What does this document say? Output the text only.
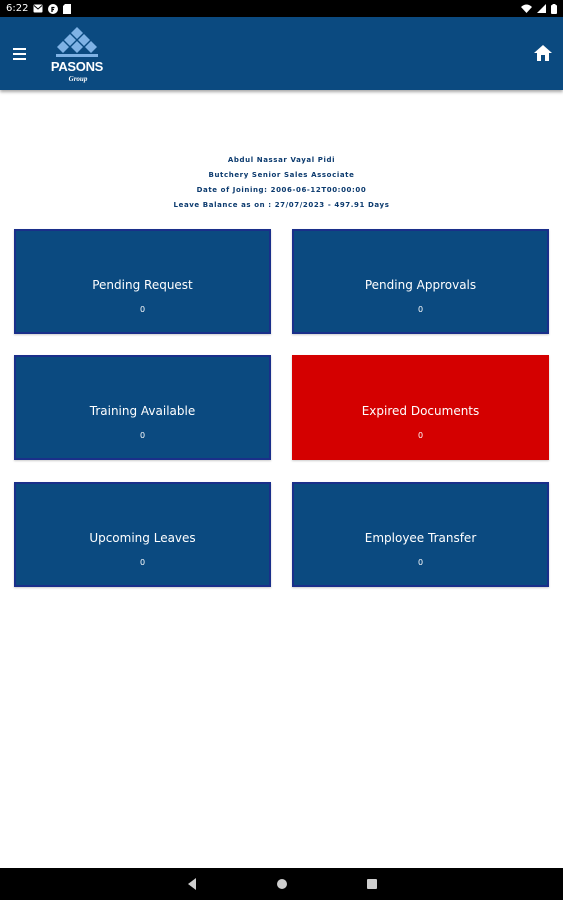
6:22
PASONS
Group
Abdul Nassar Vayal Pidi
Butchery Senior Sales Associate
Date of Joining: 2006-06-12T00:00:00
Leave Balance as on : 27/07/2023 - 497.91 Days
Pending Request
0
Pending Approvals
0
Training Available
0
Expired Documents
0
Upcoming Leaves
0
Employee Transfer
0
